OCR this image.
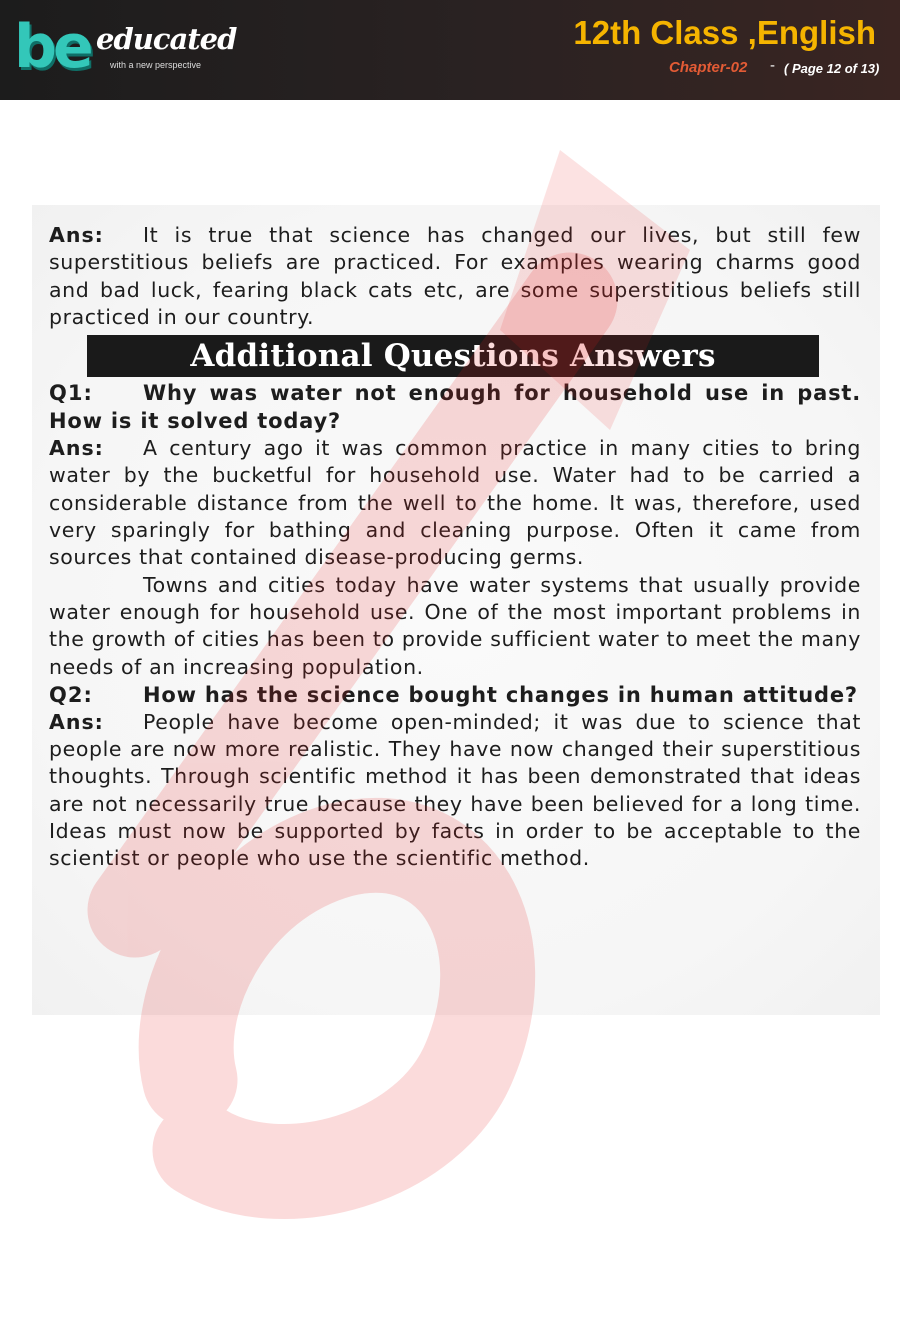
be educated
with a new perspective
12th Class ,English
Chapter-02 - ( Page 12 of 13)

Ans: It is true that science has changed our lives, but still few superstitious beliefs are practiced. For examples wearing charms good and bad luck, fearing black cats etc, are some superstitious beliefs still practiced in our country.

Additional Questions Answers

Q1: Why was water not enough for household use in past. How is it solved today?

Ans: A century ago it was common practice in many cities to bring water by the bucketful for household use. Water had to be carried a considerable distance from the well to the home. It was, therefore, used very sparingly for bathing and cleaning purpose. Often it came from sources that contained disease-producing germs.

Towns and cities today have water systems that usually provide water enough for household use. One of the most important problems in the growth of cities has been to provide sufficient water to meet the many needs of an increasing population.

Q2: How has the science bought changes in human attitude?

Ans: People have become open-minded; it was due to science that people are now more realistic. They have now changed their superstitious thoughts. Through scientific method it has been demonstrated that ideas are not necessarily true because they have been believed for a long time. Ideas must now be supported by facts in order to be acceptable to the scientist or people who use the scientific method.
